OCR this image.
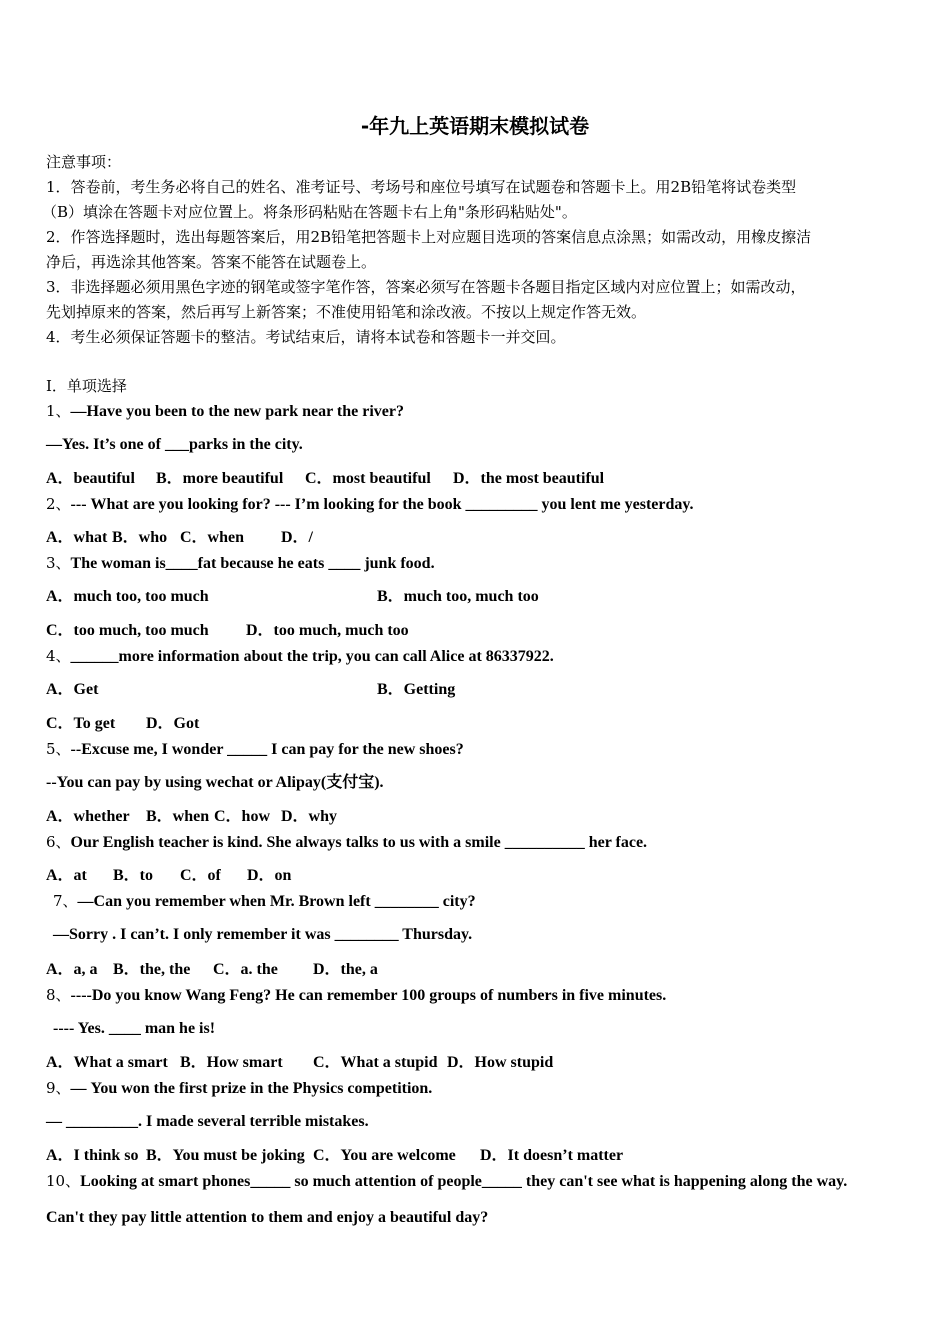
-年九上英语期末模拟试卷
注意事项：
1．答卷前，考生务必将自己的姓名、准考证号、考场号和座位号填写在试题卷和答题卡上。用2B铅笔将试卷类型
（B）填涂在答题卡对应位置上。将条形码粘贴在答题卡右上角"条形码粘贴处"。
2．作答选择题时，选出每题答案后，用2B铅笔把答题卡上对应题目选项的答案信息点涂黑；如需改动，用橡皮擦洁
净后，再选涂其他答案。答案不能答在试题卷上。
3．非选择题必须用黑色字迹的钢笔或签字笔作答，答案必须写在答题卡各题目指定区域内对应位置上；如需改动，
先划掉原来的答案，然后再写上新答案；不准使用铅笔和涂改液。不按以上规定作答无效。
4．考生必须保证答题卡的整洁。考试结束后，请将本试卷和答题卡一并交回。
Ⅰ．单项选择
1、—Have you been to the new park near the river?
—Yes. It’s one of ___parks in the city.
A．beautiful B．more beautiful C．most beautiful D．the most beautiful
2、--- What are you looking for? --- I’m looking for the book _________ you lent me yesterday.
A．what B．who C．when D．/
3、The woman is____fat because he eats ____ junk food.
A．much too, too much	B．much too, much too
C．too much, too much D．too much, much too
4、______more information about the trip, you can call Alice at 86337922.
A．Get	B．Getting
C．To get D．Got
5、--Excuse me, I wonder _____ I can pay for the new shoes?
--You can pay by using wechat or Alipay(支付宝).
A．whether B．when C．how D．why
6、Our English teacher is kind. She always talks to us with a smile __________ her face.
A．at B．to C．of D．on
7、—Can you remember when Mr. Brown left ________ city?
—Sorry . I can’t. I only remember it was ________ Thursday.
A．a, a B．the, the C．a. the D．the, a
8、----Do you know Wang Feng? He can remember 100 groups of numbers in five minutes.
---- Yes. ____ man he is!
A．What a smart B．How smart C．What a stupid D．How stupid
9、— You won the first prize in the Physics competition.
— _________. I made several terrible mistakes.
A．I think so B．You must be joking C．You are welcome D．It doesn’t matter
10、Looking at smart phones_____ so much attention of people_____ they can't see what is happening along the way.
Can't they pay little attention to them and enjoy a beautiful day?
